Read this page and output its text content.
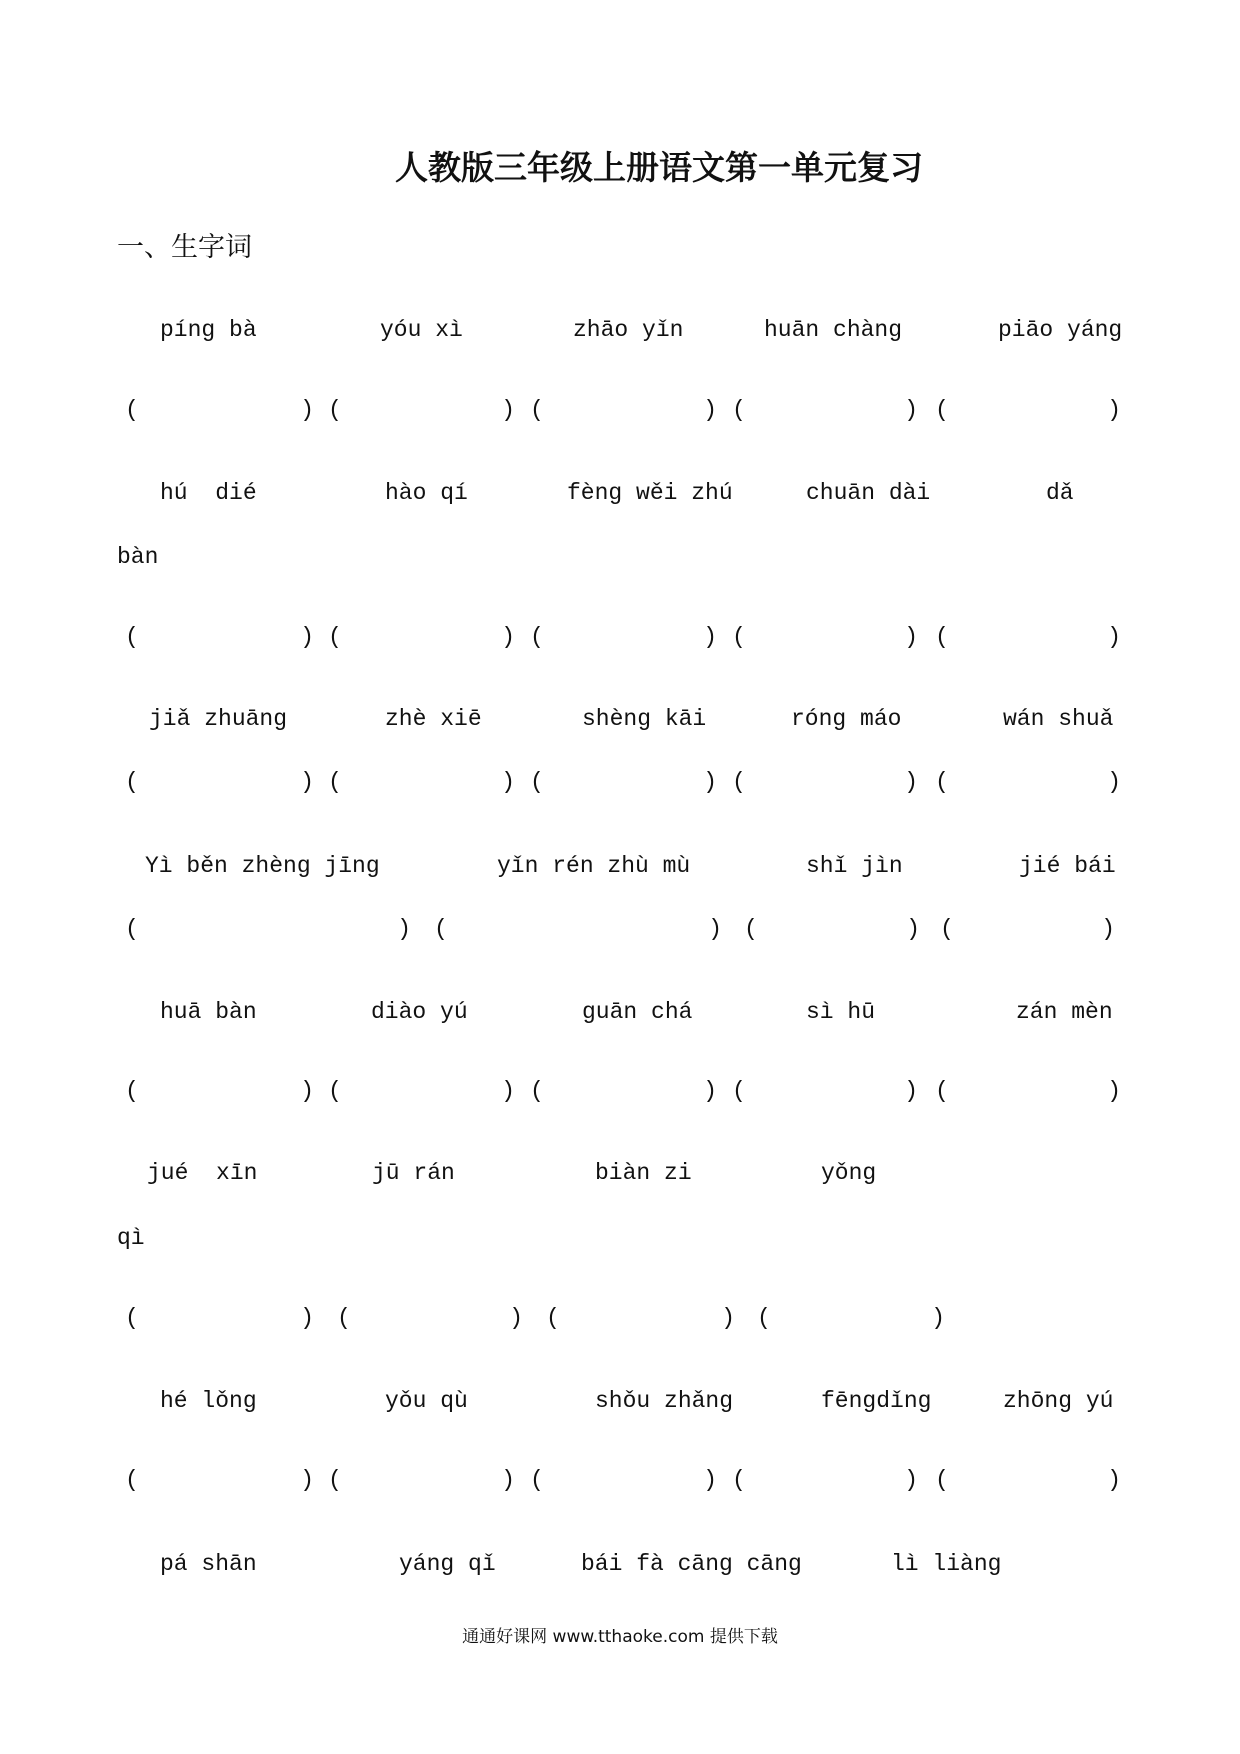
人教版三年级上册语文第一单元复习
一、生字词
píng bà	yóu xì	zhāo yǐn	huān chàng	piāo yáng
(	) (	) (	) (	) (	)
hú  dié	hào qí	fèng wěi zhú	chuān dài	dǎ
bàn
(	) (	) (	) (	) (	)
jiǎ zhuāng	zhè xiē	shèng kāi	róng máo	wán shuǎ
(	) (	) (	) (	) (	)
Yì běn zhèng jīng	yǐn rén zhù mù	shǐ jìn	jié bái
(	) (	) (	) (	)
huā bàn	diào yú	guān chá	sì hū	zán mèn
(	) (	) (	) (	) (	)
jué  xīn	jū rán	biàn zi	yǒng
qì
(	) (	) (	) (	)
hé lǒng	yǒu qù	shǒu zhǎng	fēngdǐng	zhōng yú
(	) (	) (	) (	) (	)
pá shān	yáng qǐ	bái fà cāng cāng	lì liàng
通通好课网 www.tthaoke.com 提供下载
